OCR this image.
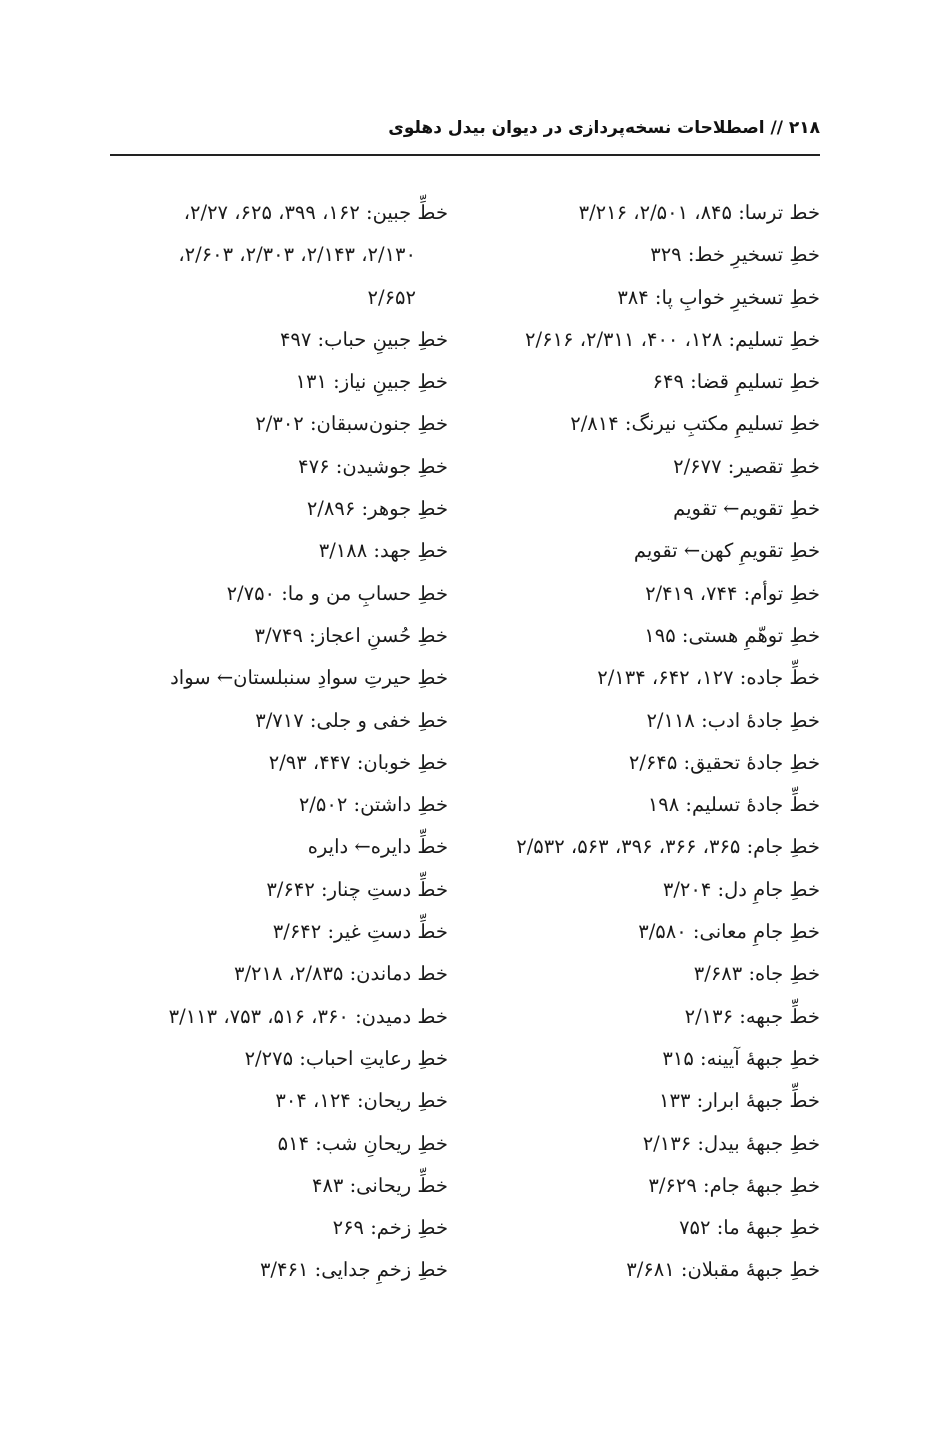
۲۱۸ // اصطلاحات نسخه‌پردازی در دیوان بیدل دهلوی
خط ترسا: ۸۴۵، ۲/۵۰۱، ۳/۲۱۶
خطِ تسخیرِ خط: ۳۲۹
خطِ تسخیرِ خوابِ پا: ۳۸۴
خطِ تسلیم: ۱۲۸، ۴۰۰، ۲/۳۱۱، ۲/۶۱۶
خطِ تسلیمِ قضا: ۶۴۹
خطِ تسلیمِ مکتبِ نیرنگ: ۲/۸۱۴
خطِ تقصیر: ۲/۶۷۷
خطِ تقویم← تقویم
خطِ تقویمِ کهن← تقویم
خطِ توأم: ۷۴۴، ۲/۴۱۹
خطِ توهّمِ هستی: ۱۹۵
خطِّ جاده: ۱۲۷، ۶۴۲، ۲/۱۳۴
خطِ جادهٔ ادب: ۲/۱۱۸
خطِ جادهٔ تحقیق: ۲/۶۴۵
خطِّ جادهٔ تسلیم: ۱۹۸
خطِ جام: ۳۶۵، ۳۶۶، ۳۹۶، ۵۶۳، ۲/۵۳۲
خطِ جامِ دل: ۳/۲۰۴
خطِ جامِ معانی: ۳/۵۸۰
خطِ جاه: ۳/۶۸۳
خطِّ جبهه: ۲/۱۳۶
خطِ جبههٔ آیینه: ۳۱۵
خطِّ جبههٔ ابرار: ۱۳۳
خطِ جبههٔ بیدل: ۲/۱۳۶
خطِ جبههٔ جام: ۳/۶۲۹
خطِ جبههٔ ما: ۷۵۲
خطِ جبههٔ مقبلان: ۳/۶۸۱
خطِّ جبین: ۱۶۲، ۳۹۹، ۶۲۵، ۲/۲۷،
۲/۱۳۰، ۲/۱۴۳، ۲/۳۰۳، ۲/۶۰۳،
۲/۶۵۲
خطِ جبینِ حباب: ۴۹۷
خطِ جبینِ نیاز: ۱۳۱
خطِ جنون‌سبقان: ۲/۳۰۲
خطِ جوشیدن: ۴۷۶
خطِ جوهر: ۲/۸۹۶
خطِ جهد: ۳/۱۸۸
خطِ حسابِ من و ما: ۲/۷۵۰
خطِ حُسنِ اعجاز: ۳/۷۴۹
خطِ حیرتِ سوادِ سنبلستان← سواد
خطِ خفی و جلی: ۳/۷۱۷
خطِ خوبان: ۴۴۷، ۲/۹۳
خطِ داشتن: ۲/۵۰۲
خطِّ دایره← دایره
خطِّ دستِ چنار: ۳/۶۴۲
خطِّ دستِ غیر: ۳/۶۴۲
خط دماندن: ۲/۸۳۵، ۳/۲۱۸
خط دمیدن: ۳۶۰، ۵۱۶، ۷۵۳، ۳/۱۱۳
خطِ رعایتِ احباب: ۲/۲۷۵
خطِ ریحان: ۱۲۴، ۳۰۴
خطِ ریحانِ شب: ۵۱۴
خطِّ ریحانی: ۴۸۳
خطِ زخم: ۲۶۹
خطِ زخمِ جدایی: ۳/۴۶۱
